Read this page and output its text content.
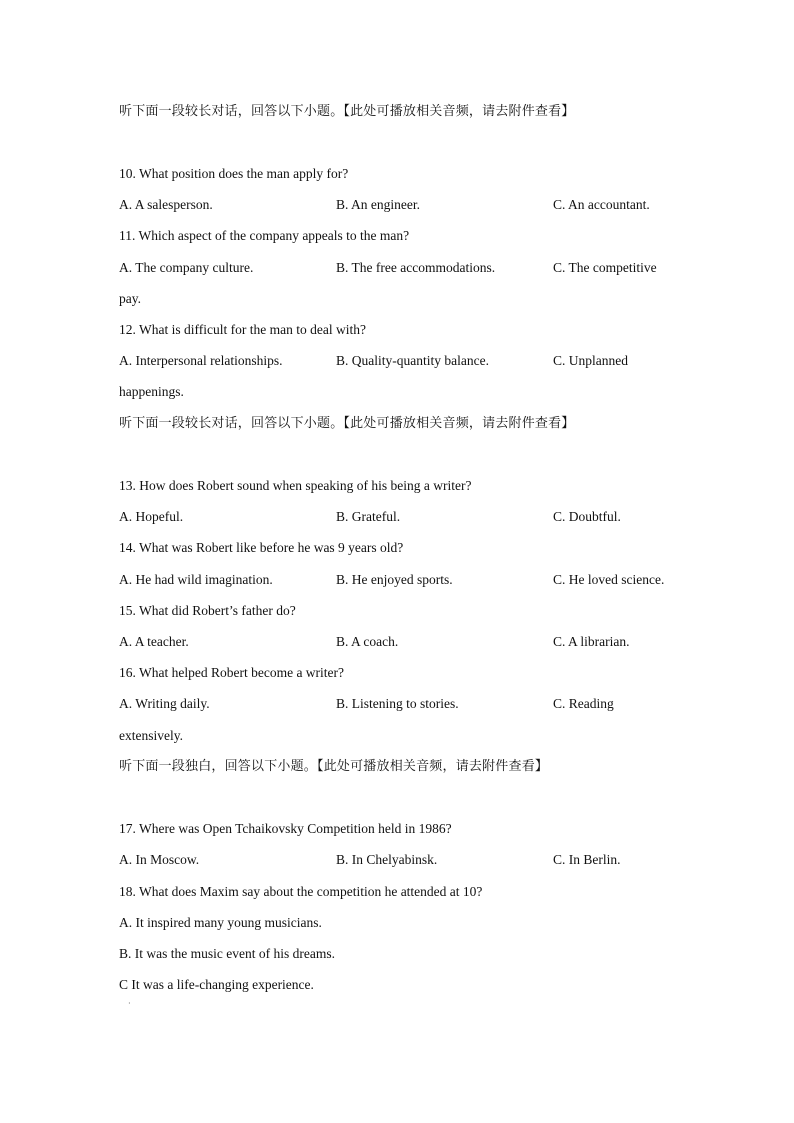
听下面一段较长对话，回答以下小题。【此处可播放相关音频，请去附件查看】
10. What position does the man apply for?
A. A salesperson.	B. An engineer.	C. An accountant.
11. Which aspect of the company appeals to the man?
A. The company culture.	B. The free accommodations.	C. The competitive
pay.
12. What is difficult for the man to deal with?
A. Interpersonal relationships.	B. Quality-quantity balance.	C. Unplanned
happenings.
听下面一段较长对话，回答以下小题。【此处可播放相关音频，请去附件查看】
13. How does Robert sound when speaking of his being a writer?
A. Hopeful.	B. Grateful.	C. Doubtful.
14. What was Robert like before he was 9 years old?
A. He had wild imagination.	B. He enjoyed sports.	C. He loved science.
15. What did Robert’s father do?
A. A teacher.	B. A coach.	C. A librarian.
16. What helped Robert become a writer?
A. Writing daily.	B. Listening to stories.	C. Reading
extensively.
听下面一段独白，回答以下小题。【此处可播放相关音频，请去附件查看】
17. Where was Open Tchaikovsky Competition held in 1986?
A. In Moscow.	B. In Chelyabinsk.	C. In Berlin.
18. What does Maxim say about the competition he attended at 10?
A. It inspired many young musicians.
B. It was the music event of his dreams.
C It was a life-changing experience.
·
